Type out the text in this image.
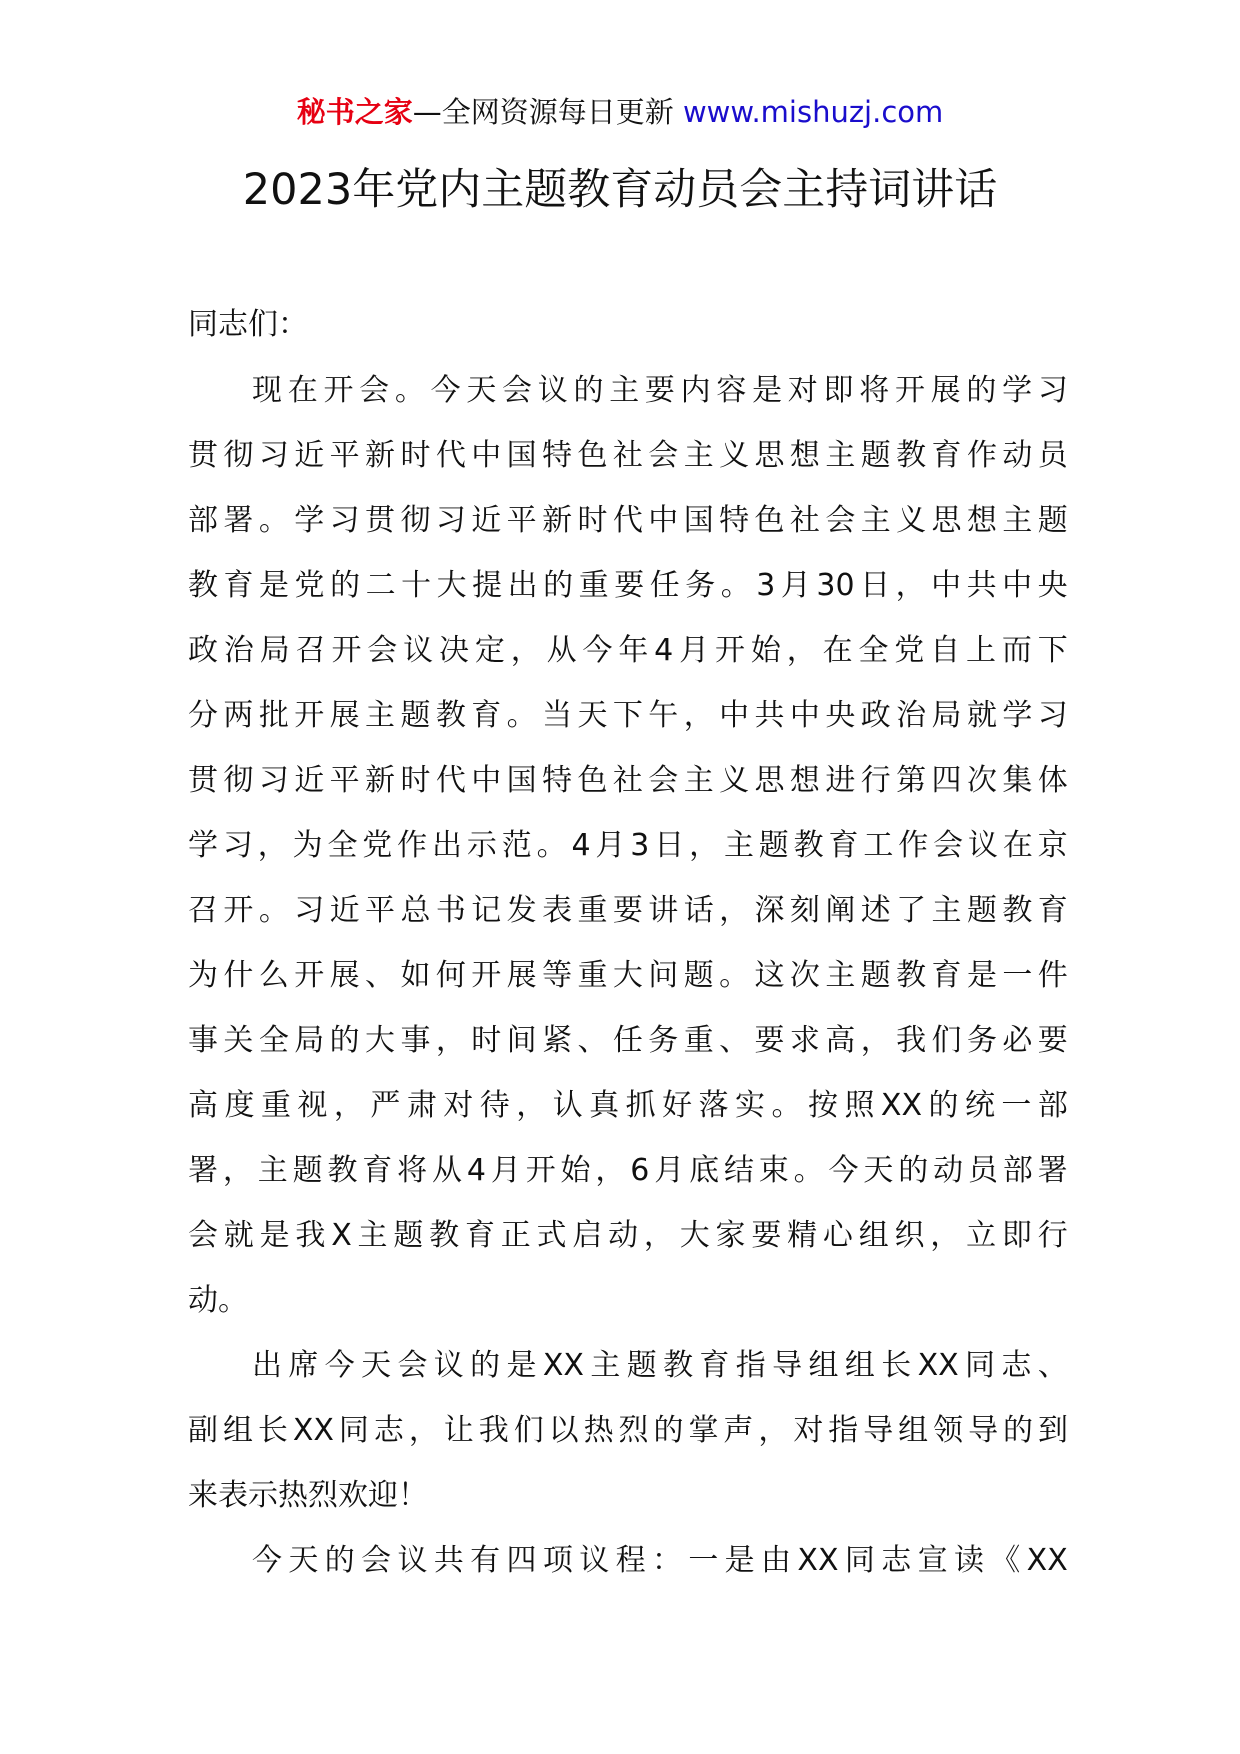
秘书之家—全网资源每日更新 www.mishuzj.com
2023年党内主题教育动员会主持词讲话

同志们：

现 在 开 会 。 今 天 会 议 的 主 要 内 容 是 对 即 将 开 展 的 学 习
贯 彻 习 近 平 新 时 代 中 国 特 色 社 会 主 义 思 想 主 题 教 育 作 动 员
部 署 。 学 习 贯 彻 习 近 平 新 时 代 中 国 特 色 社 会 主 义 思 想 主 题
教 育 是 党 的 二 十 大 提 出 的 重 要 任 务 。 3 月 30 日 ， 中 共 中 央
政 治 局 召 开 会 议 决 定 ， 从 今 年 4 月 开 始 ， 在 全 党 自 上 而 下
分 两 批 开 展 主 题 教 育 。 当 天 下 午 ， 中 共 中 央 政 治 局 就 学 习
贯 彻 习 近 平 新 时 代 中 国 特 色 社 会 主 义 思 想 进 行 第 四 次 集 体
学 习 ， 为 全 党 作 出 示 范 。 4 月 3 日 ， 主 题 教 育 工 作 会 议 在 京
召 开 。 习 近 平 总 书 记 发 表 重 要 讲 话 ， 深 刻 阐 述 了 主 题 教 育
为 什 么 开 展 、 如 何 开 展 等 重 大 问 题 。 这 次 主 题 教 育 是 一 件
事 关 全 局 的 大 事 ， 时 间 紧 、 任 务 重 、 要 求 高 ， 我 们 务 必 要
高 度 重 视 ， 严 肃 对 待 ， 认 真 抓 好 落 实 。 按 照 XX 的 统 一 部
署 ， 主 题 教 育 将 从 4 月 开 始 ， 6 月 底 结 束 。 今 天 的 动 员 部 署
会 就 是 我 X 主 题 教 育 正 式 启 动 ， 大 家 要 精 心 组 织 ， 立 即 行
动。
出 席 今 天 会 议 的 是 XX 主 题 教 育 指 导 组 组 长 XX 同 志 、
副 组 长 XX 同 志 ， 让 我 们 以 热 烈 的 掌 声 ， 对 指 导 组 领 导 的 到
来表示热烈欢迎！
今 天 的 会 议 共 有 四 项 议 程 ： 一 是 由 XX 同 志 宣 读 《 XX
